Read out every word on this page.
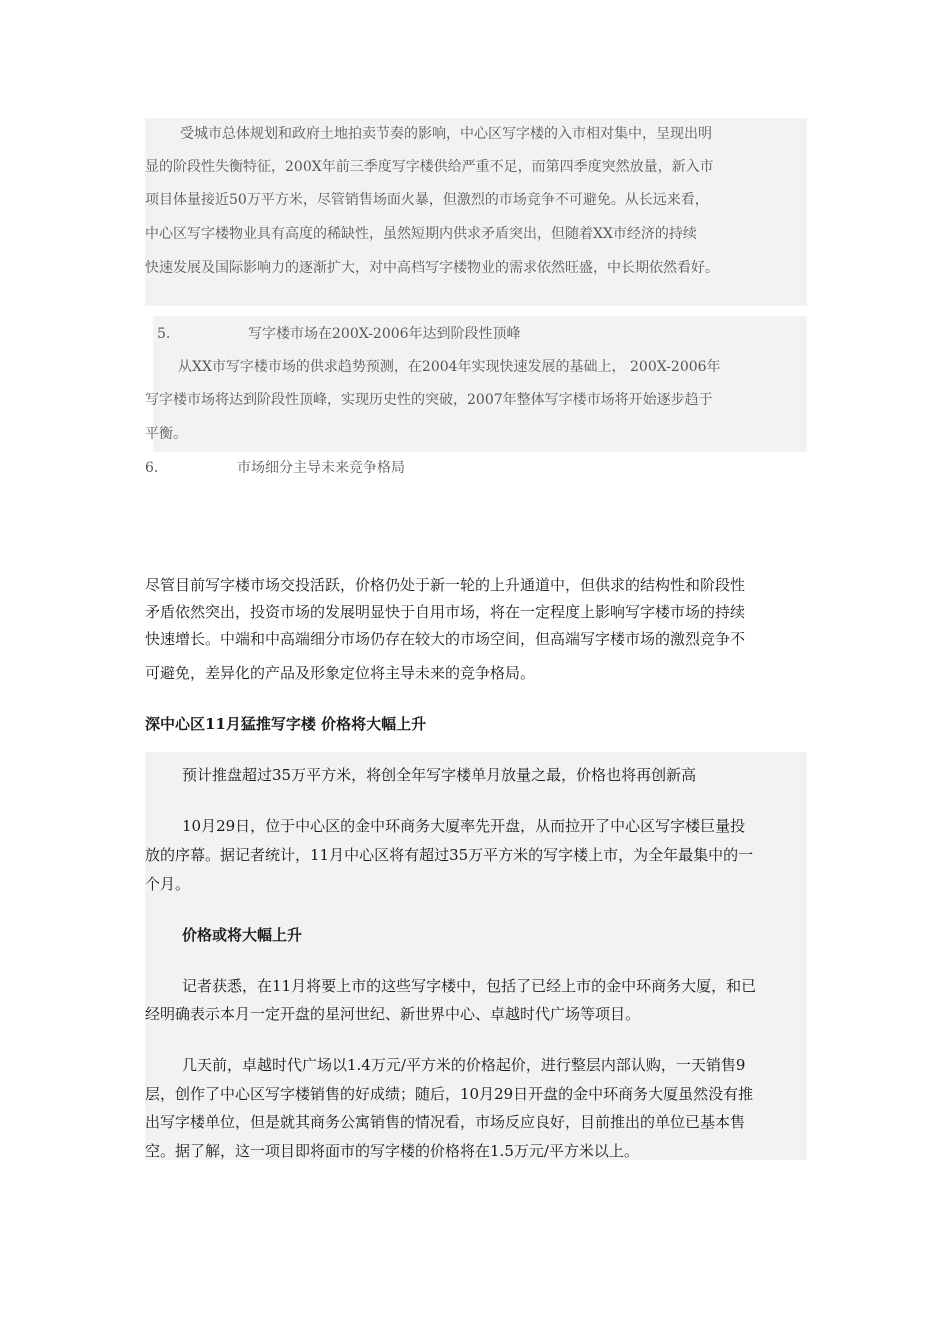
受城市总体规划和政府土地拍卖节奏的影响，中心区写字楼的入市相对集中，呈现出明
显的阶段性失衡特征，200X年前三季度写字楼供给严重不足，而第四季度突然放量，新入市
项目体量接近50万平方米，尽管销售场面火暴，但激烈的市场竞争不可避免。从长远来看，
中心区写字楼物业具有高度的稀缺性，虽然短期内供求矛盾突出，但随着XX市经济的持续
快速发展及国际影响力的逐渐扩大，对中高档写字楼物业的需求依然旺盛，中长期依然看好。
5.	写字楼市场在200X-2006年达到阶段性顶峰
从XX市写字楼市场的供求趋势预测，在2004年实现快速发展的基础上， 200X-2006年
写字楼市场将达到阶段性顶峰，实现历史性的突破，2007年整体写字楼市场将开始逐步趋于
平衡。
6.	市场细分主导未来竞争格局
尽管目前写字楼市场交投活跃，价格仍处于新一轮的上升通道中，但供求的结构性和阶段性
矛盾依然突出，投资市场的发展明显快于自用市场，将在一定程度上影响写字楼市场的持续
快速增长。中端和中高端细分市场仍存在较大的市场空间，但高端写字楼市场的激烈竞争不
可避免，差异化的产品及形象定位将主导未来的竞争格局。
深中心区11月猛推写字楼 价格将大幅上升
预计推盘超过35万平方米，将创全年写字楼单月放量之最，价格也将再创新高
10月29日，位于中心区的金中环商务大厦率先开盘，从而拉开了中心区写字楼巨量投
放的序幕。据记者统计，11月中心区将有超过35万平方米的写字楼上市，为全年最集中的一
个月。
价格或将大幅上升
记者获悉，在11月将要上市的这些写字楼中，包括了已经上市的金中环商务大厦，和已
经明确表示本月一定开盘的星河世纪、新世界中心、卓越时代广场等项目。
几天前，卓越时代广场以1.4万元/平方米的价格起价，进行整层内部认购，一天销售9
层，创作了中心区写字楼销售的好成绩；随后，10月29日开盘的金中环商务大厦虽然没有推
出写字楼单位，但是就其商务公寓销售的情况看，市场反应良好，目前推出的单位已基本售
空。据了解，这一项目即将面市的写字楼的价格将在1.5万元/平方米以上。
